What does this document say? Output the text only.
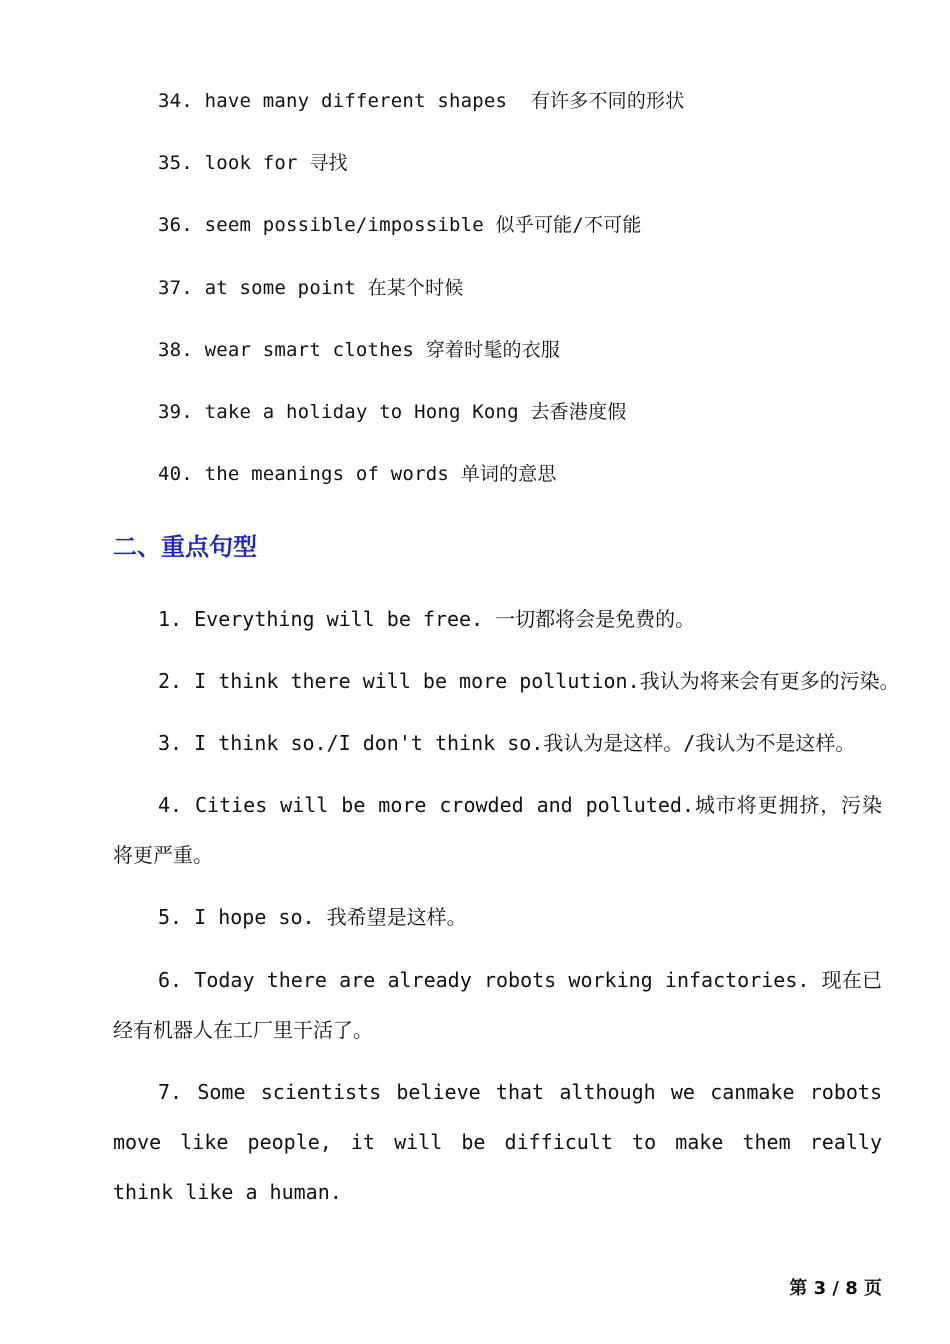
34. have many different shapes 有许多不同的形状
35. look for 寻找
36. seem possible/impossible 似乎可能/不可能
37. at some point 在某个时候
38. wear smart clothes 穿着时髦的衣服
39. take a holiday to Hong Kong 去香港度假
40. the meanings of words 单词的意思
二、重点句型
1. Everything will be free. 一切都将会是免费的。
2. I think there will be more pollution.我认为将来会有更多的污染。
3. I think so./I don't think so.我认为是这样。/我认为不是这样。
4. Cities will be more crowded and polluted.城市将更拥挤，污染将更严重。
5. I hope so. 我希望是这样。
6. Today there are already robots working infactories. 现在已经有机器人在工厂里干活了。
7. Some scientists believe that although we canmake robots move like people, it will be difficult to make them really think like a human.
第 3 / 8 页
